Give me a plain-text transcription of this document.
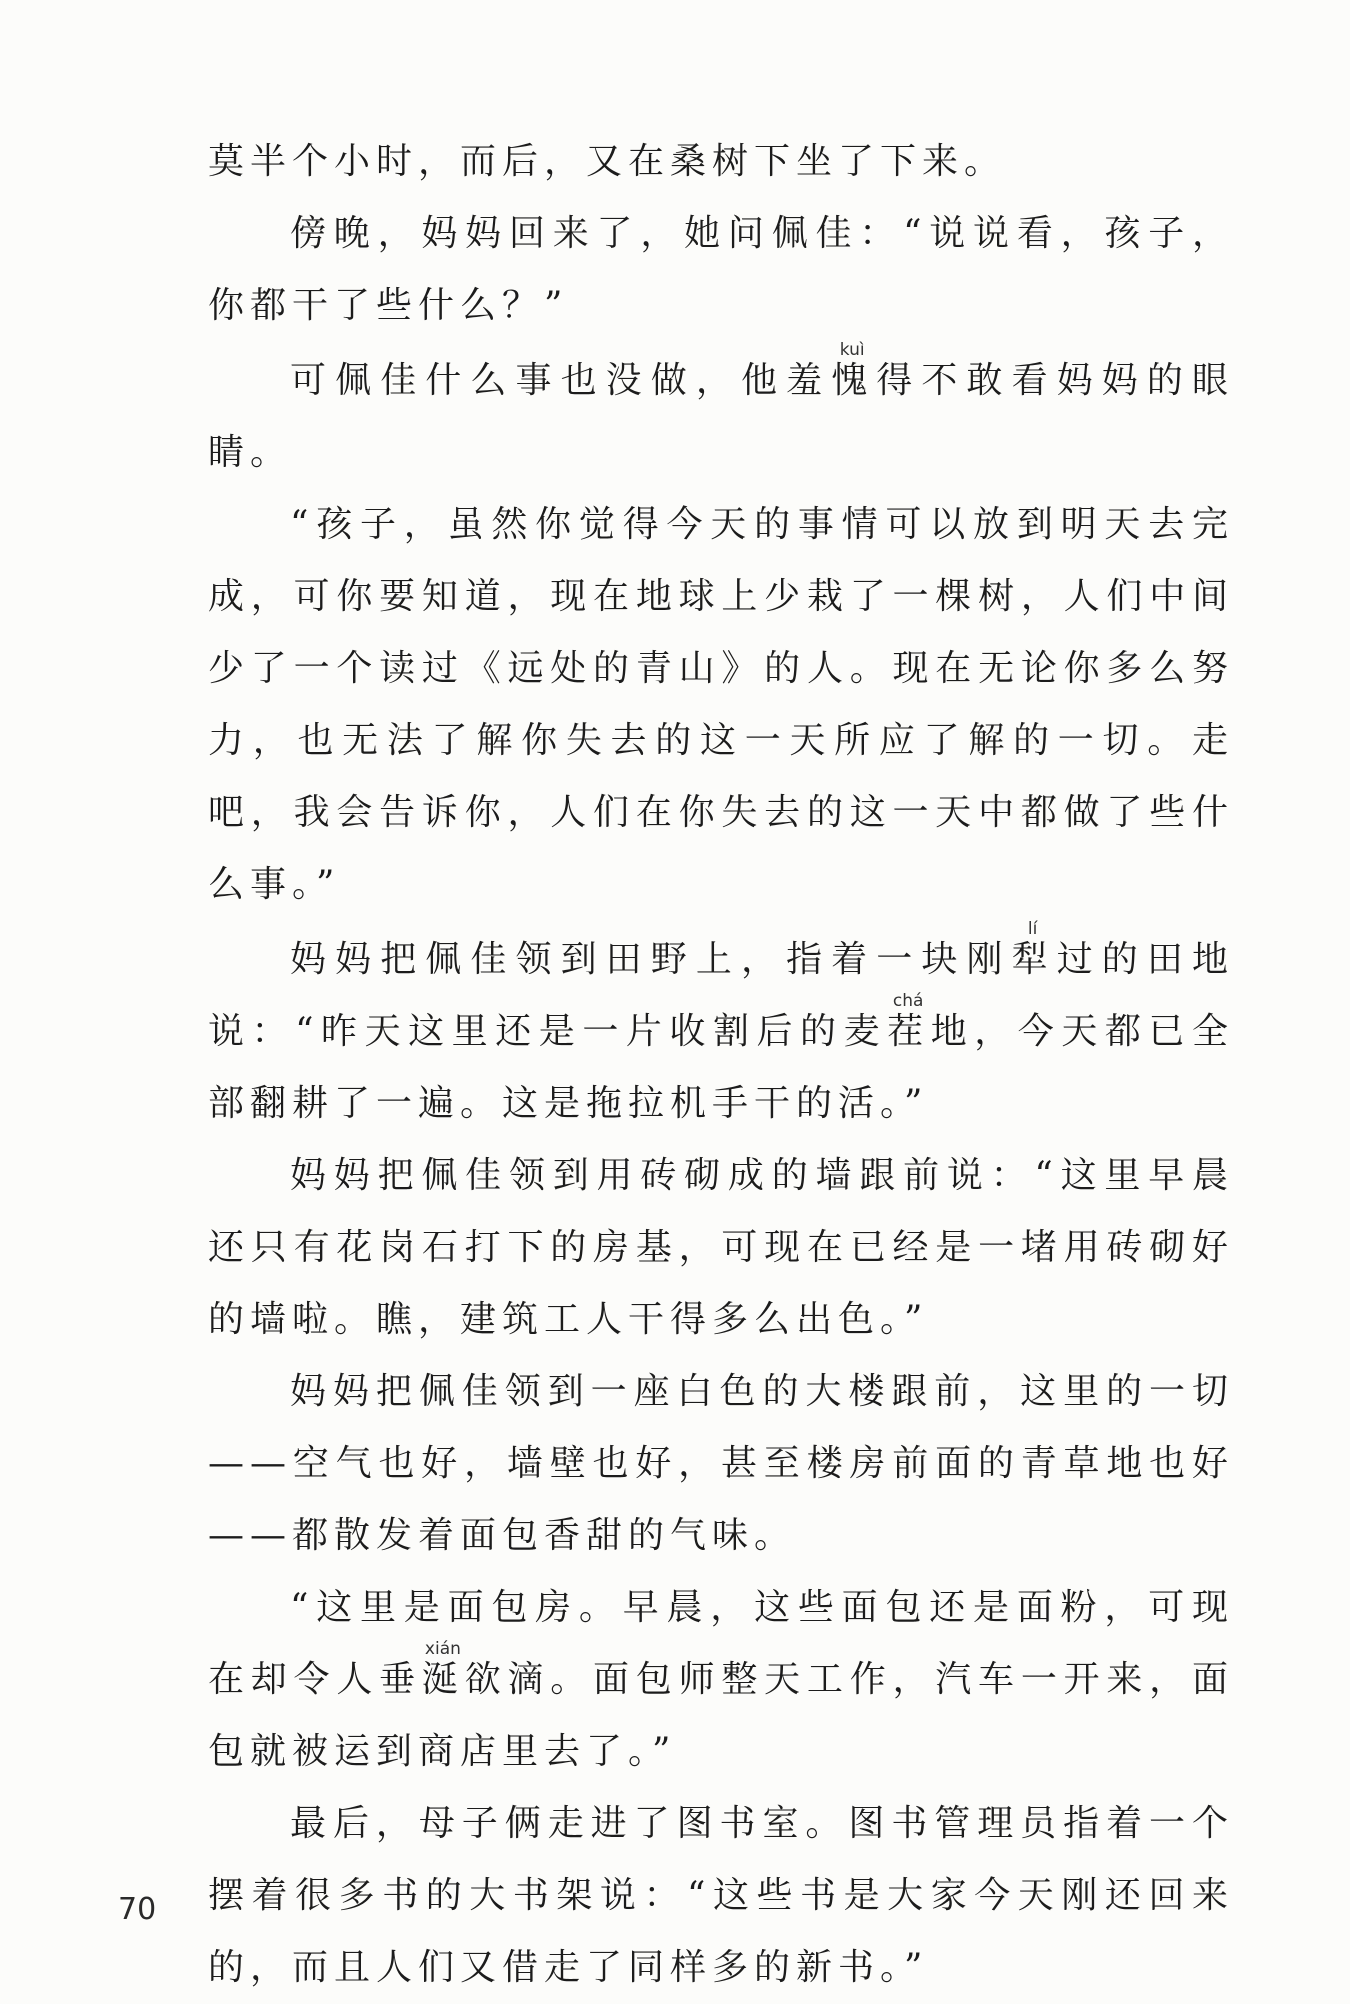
莫半个小时，而后，又在桑树下坐了下来。

傍晚，妈妈回来了，她问佩佳：“说说看，孩子，你都干了些什么？”

可佩佳什么事也没做，他羞愧kuì得不敢看妈妈的眼睛。

“孩子，虽然你觉得今天的事情可以放到明天去完成，可你要知道，现在地球上少栽了一棵树，人们中间少了一个读过《远处的青山》的人。现在无论你多么努力，也无法了解你失去的这一天所应了解的一切。走吧，我会告诉你，人们在你失去的这一天中都做了些什么事。”

妈妈把佩佳领到田野上，指着一块刚犁lí过的田地说：“昨天这里还是一片收割后的麦茬chá地，今天都已全部翻耕了一遍。这是拖拉机手干的活。”

妈妈把佩佳领到用砖砌成的墙跟前说：“这里早晨还只有花岗石打下的房基，可现在已经是一堵用砖砌好的墙啦。瞧，建筑工人干得多么出色。”

妈妈把佩佳领到一座白色的大楼跟前，这里的一切——空气也好，墙壁也好，甚至楼房前面的青草地也好——都散发着面包香甜的气味。

“这里是面包房。早晨，这些面包还是面粉，可现在却令人垂涎xián欲滴。面包师整天工作，汽车一开来，面包就被运到商店里去了。”

最后，母子俩走进了图书室。图书管理员指着一个摆着很多书的大书架说：“这些书是大家今天刚还回来的，而且人们又借走了同样多的新书。”

70
